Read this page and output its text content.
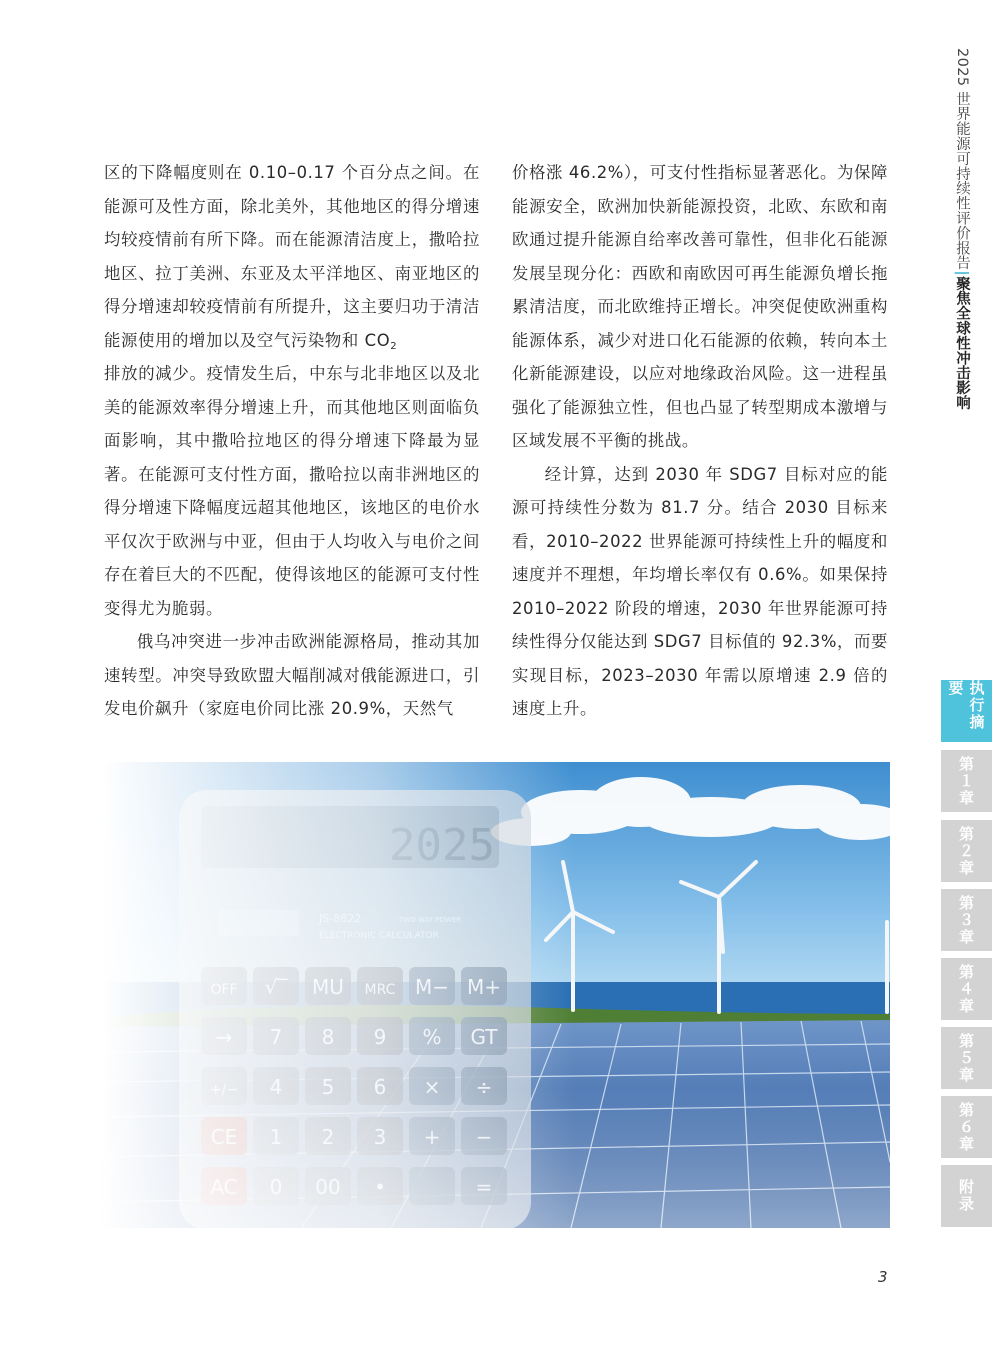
2025 世界能源可持续性评价报告|聚焦全球性冲击影响

区的下降幅度则在 0.10–0.17 个百分点之间。在能源可及性方面，除北美外，其他地区的得分增速均较疫情前有所下降。而在能源清洁度上，撒哈拉地区、拉丁美洲、东亚及太平洋地区、南亚地区的得分增速却较疫情前有所提升，这主要归功于清洁能源使用的增加以及空气污染物和 $CO_2$
排放的减少。疫情发生后，中东与北非地区以及北美的能源效率得分增速上升，而其他地区则面临负面影响，其中撒哈拉地区的得分增速下降最为显著。在能源可支付性方面，撒哈拉以南非洲地区的得分增速下降幅度远超其他地区，该地区的电价水平仅次于欧洲与中亚，但由于人均收入与电价之间存在着巨大的不匹配，使得该地区的能源可支付性变得尤为脆弱。

俄乌冲突进一步冲击欧洲能源格局，推动其加速转型。冲突导致欧盟大幅削减对俄能源进口，引发电价飙升（家庭电价同比涨 20.9%，天然气

价格涨 46.2%），可支付性指标显著恶化。为保障能源安全，欧洲加快新能源投资，北欧、东欧和南欧通过提升能源自给率改善可靠性，但非化石能源发展呈现分化：西欧和南欧因可再生能源负增长拖累清洁度，而北欧维持正增长。冲突促使欧洲重构能源体系，减少对进口化石能源的依赖，转向本土化新能源建设，以应对地缘政治风险。这一进程虽强化了能源独立性，但也凸显了转型期成本激增与区域发展不平衡的挑战。

经计算，达到 2030 年 SDG7 目标对应的能源可持续性分数为 81.7 分。结合 2030 目标来看，2010–2022 世界能源可持续性上升的幅度和速度并不理想，年均增长率仅有 0.6%。如果保持 2010–2022 阶段的增速，2030 年世界能源可持续性得分仅能达到 SDG7 目标值的 92.3%，而要实现目标，2023–2030 年需以原增速 2.9 倍的速度上升。	执行摘要
第１章
第２章
第３章
第４章
第５章
第６章
附录
3
